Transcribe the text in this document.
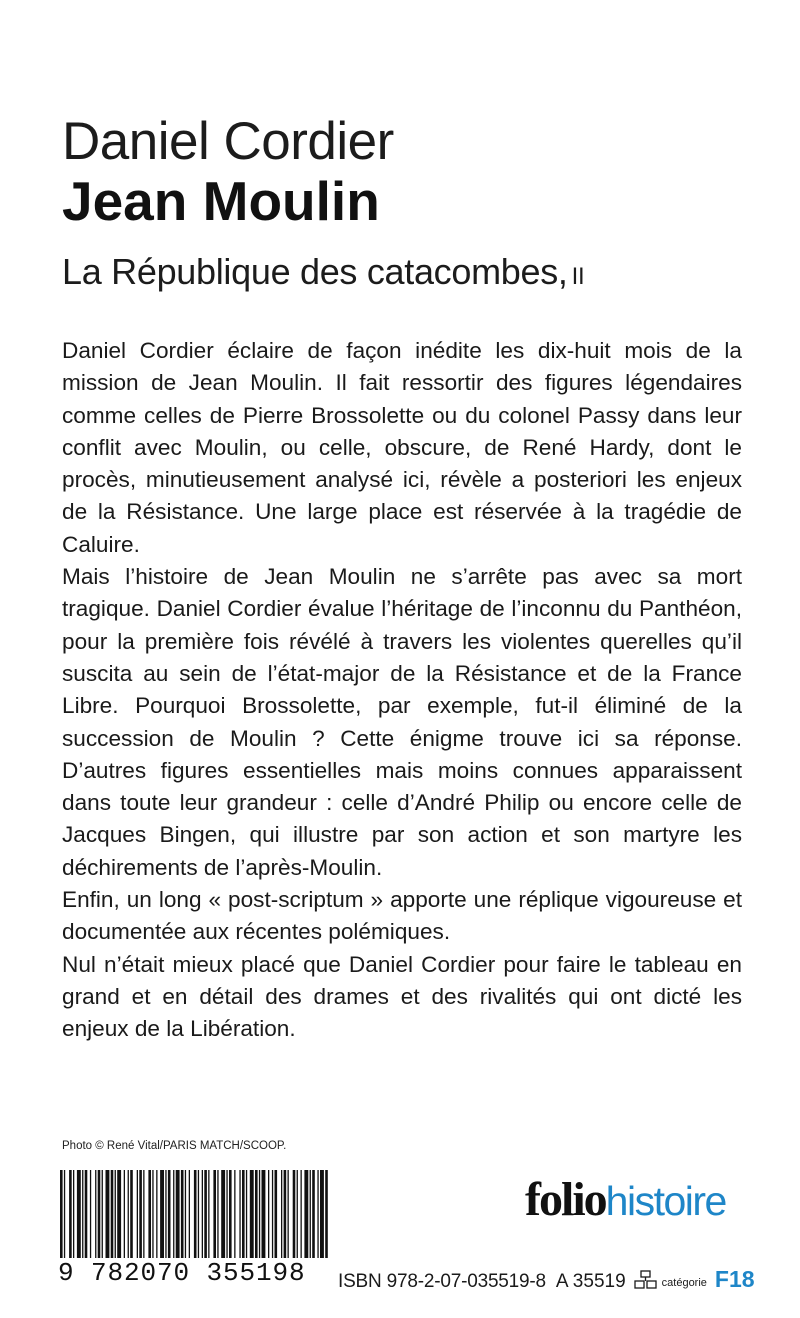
Daniel Cordier
Jean Moulin
La République des catacombes, II

Daniel Cordier éclaire de façon inédite les dix-huit mois de la mission de Jean Moulin. Il fait ressortir des figures légendaires comme celles de Pierre Brossolette ou du colonel Passy dans leur conflit avec Moulin, ou celle, obscure, de René Hardy, dont le procès, minutieusement analysé ici, révèle a posteriori les enjeux de la Résistance. Une large place est réservée à la tragédie de Caluire.

Mais l’histoire de Jean Moulin ne s’arrête pas avec sa mort tragique. Daniel Cordier évalue l’héritage de l’inconnu du Panthéon, pour la première fois révélé à travers les violentes querelles qu’il suscita au sein de l’état-major de la Résistance et de la France Libre. Pourquoi Brossolette, par exemple, fut-il éliminé de la succession de Moulin ? Cette énigme trouve ici sa réponse. D’autres figures essentielles mais moins connues apparaissent dans toute leur grandeur : celle d’André Philip ou encore celle de Jacques Bingen, qui illustre par son action et son martyre les déchirements de l’après-Moulin.

Enfin, un long « post-scriptum » apporte une réplique vigoureuse et documentée aux récentes polémiques.

Nul n’était mieux placé que Daniel Cordier pour faire le tableau en grand et en détail des drames et des rivalités qui ont dicté les enjeux de la Libération.

Photo © René Vital/PARIS MATCH/SCOOP.
9 782070 355198
foliohistoire
ISBN 978-2-07-035519-8 A 35519	catégorie F18
